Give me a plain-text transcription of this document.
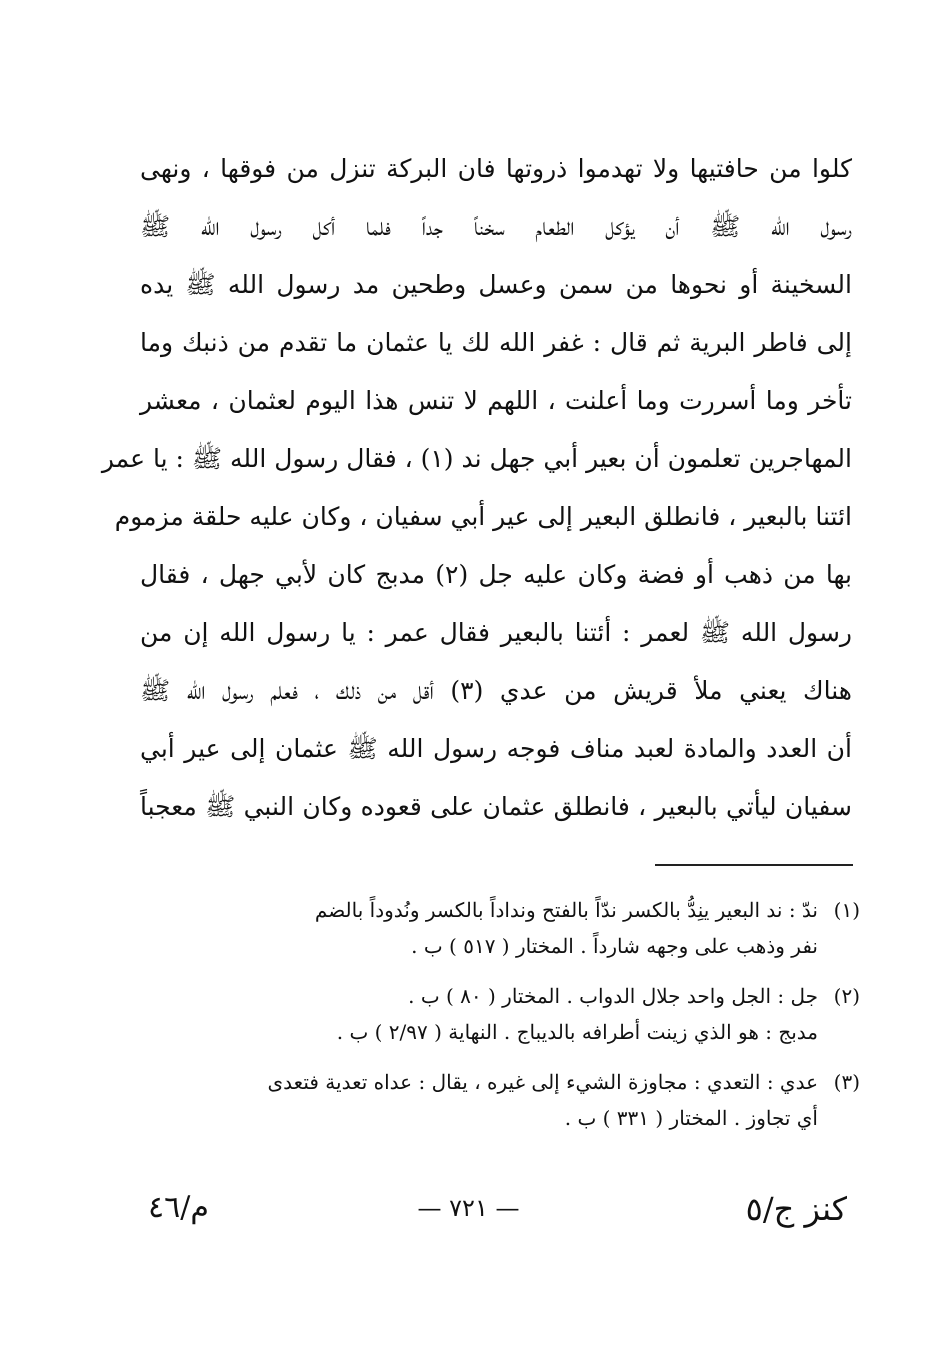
كلوا من حافتيها ولا تهدموا ذروتها فان البركة تنزل من فوقها ، ونهى
رسول الله ﷺ أن يؤكل الطعام سخناً جداً فلما أكل رسول الله ﷺ
السخينة أو نحوها من سمن وعسل وطحين مد رسول الله ﷺ يده
إلى فاطر البرية ثم قال : غفر الله لك يا عثمان ما تقدم من ذنبك وما
تأخر وما أسررت وما أعلنت ، اللهم لا تنس هذا اليوم لعثمان ، معشر
المهاجرين تعلمون أن بعير أبي جهل ند (١) ، فقال رسول الله ﷺ : يا عمر
ائتنا بالبعير ، فانطلق البعير إلى عير أبي سفيان ، وكان عليه حلقة مزموم
بها من ذهب أو فضة وكان عليه جل (٢) مدبج كان لأبي جهل ، فقال
رسول الله ﷺ لعمر : أئتنا بالبعير فقال عمر : يا رسول الله إن من
هناك يعني ملأ قريش من عدي (٣) أقل من ذلك ، فعلم رسول الله ﷺ
أن العدد والمادة لعبد مناف فوجه رسول الله ﷺ عثمان إلى عير أبي
سفيان ليأتي بالبعير ، فانطلق عثمان على قعوده وكان النبي ﷺ معجباً
(١)ندّ : ند البعير ينِدُّ بالكسر ندّاً بالفتح ونداداً بالكسر ونُدوداً بالضم
نفر وذهب على وجهه شارداً . المختار ( ٥١٧ ) ب .
(٢)جل : الجل واحد جلال الدواب . المختار ( ٨٠ ) ب .
مدبج : هو الذي زينت أطرافه بالديباج . النهاية ( ٢/٩٧ ) ب .
(٣)عدي : التعدي : مجاوزة الشيء إلى غيره ، يقال : عداه تعدية فتعدى
أي تجاوز . المختار ( ٣٣١ ) ب .
م/٤٦	— ٧٢١ —	كنز ج/٥
